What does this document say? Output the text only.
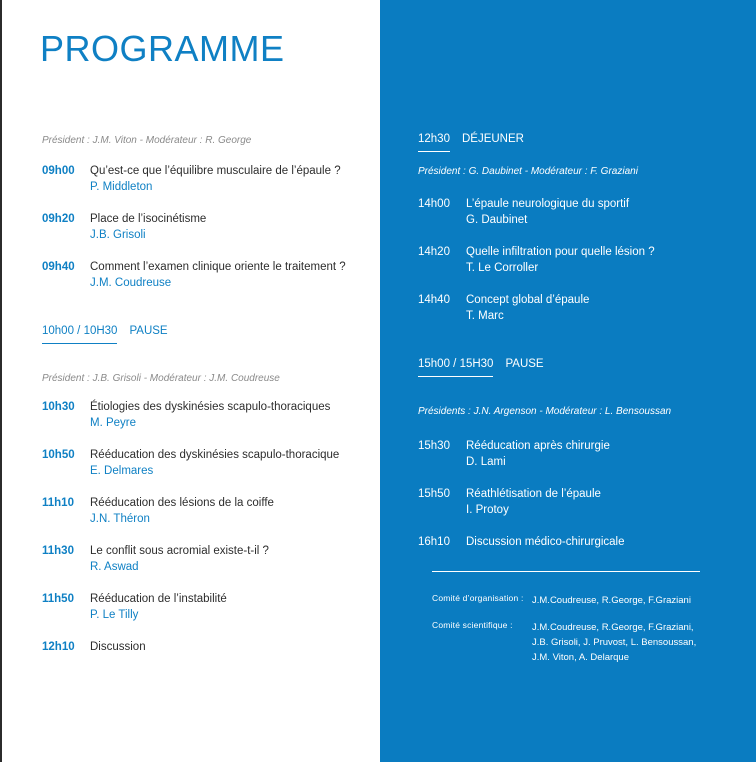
PROGRAMME
Président : J.M. Viton - Modérateur : R. George
09h00 Qu’est-ce que l’équilibre musculaire de l’épaule ?
P. Middleton
09h20 Place de l’isocinétisme
J.B. Grisoli
09h40 Comment l’examen clinique oriente le traitement ?
J.M. Coudreuse
10h00 / 10H30 PAUSE
Président : J.B. Grisoli - Modérateur : J.M. Coudreuse
10h30 Étiologies des dyskinésies scapulo-thoraciques
M. Peyre
10h50 Rééducation des dyskinésies scapulo-thoracique
E. Delmares
11h10 Rééducation des lésions de la coiffe
J.N. Théron
11h30 Le conflit sous acromial existe-t-il ?
R. Aswad
11h50 Rééducation de l’instabilité
P. Le Tilly
12h10 Discussion
12h30 DÉJEUNER
Président : G. Daubinet - Modérateur : F. Graziani
14h00 L’épaule neurologique du sportif
G. Daubinet
14h20 Quelle infiltration pour quelle lésion ?
T. Le Corroller
14h40 Concept global d’épaule
T. Marc
15h00 / 15H30 PAUSE
Présidents : J.N. Argenson - Modérateur : L. Bensoussan
15h30 Rééducation après chirurgie
D. Lami
15h50 Réathlétisation de l’épaule
I. Protoy
16h10 Discussion médico-chirurgicale
Comité d’organisation : J.M.Coudreuse, R.George, F.Graziani
Comité scientifique : J.M.Coudreuse, R.George, F.Graziani,
J.B. Grisoli, J. Pruvost, L. Bensoussan,
J.M. Viton, A. Delarque
